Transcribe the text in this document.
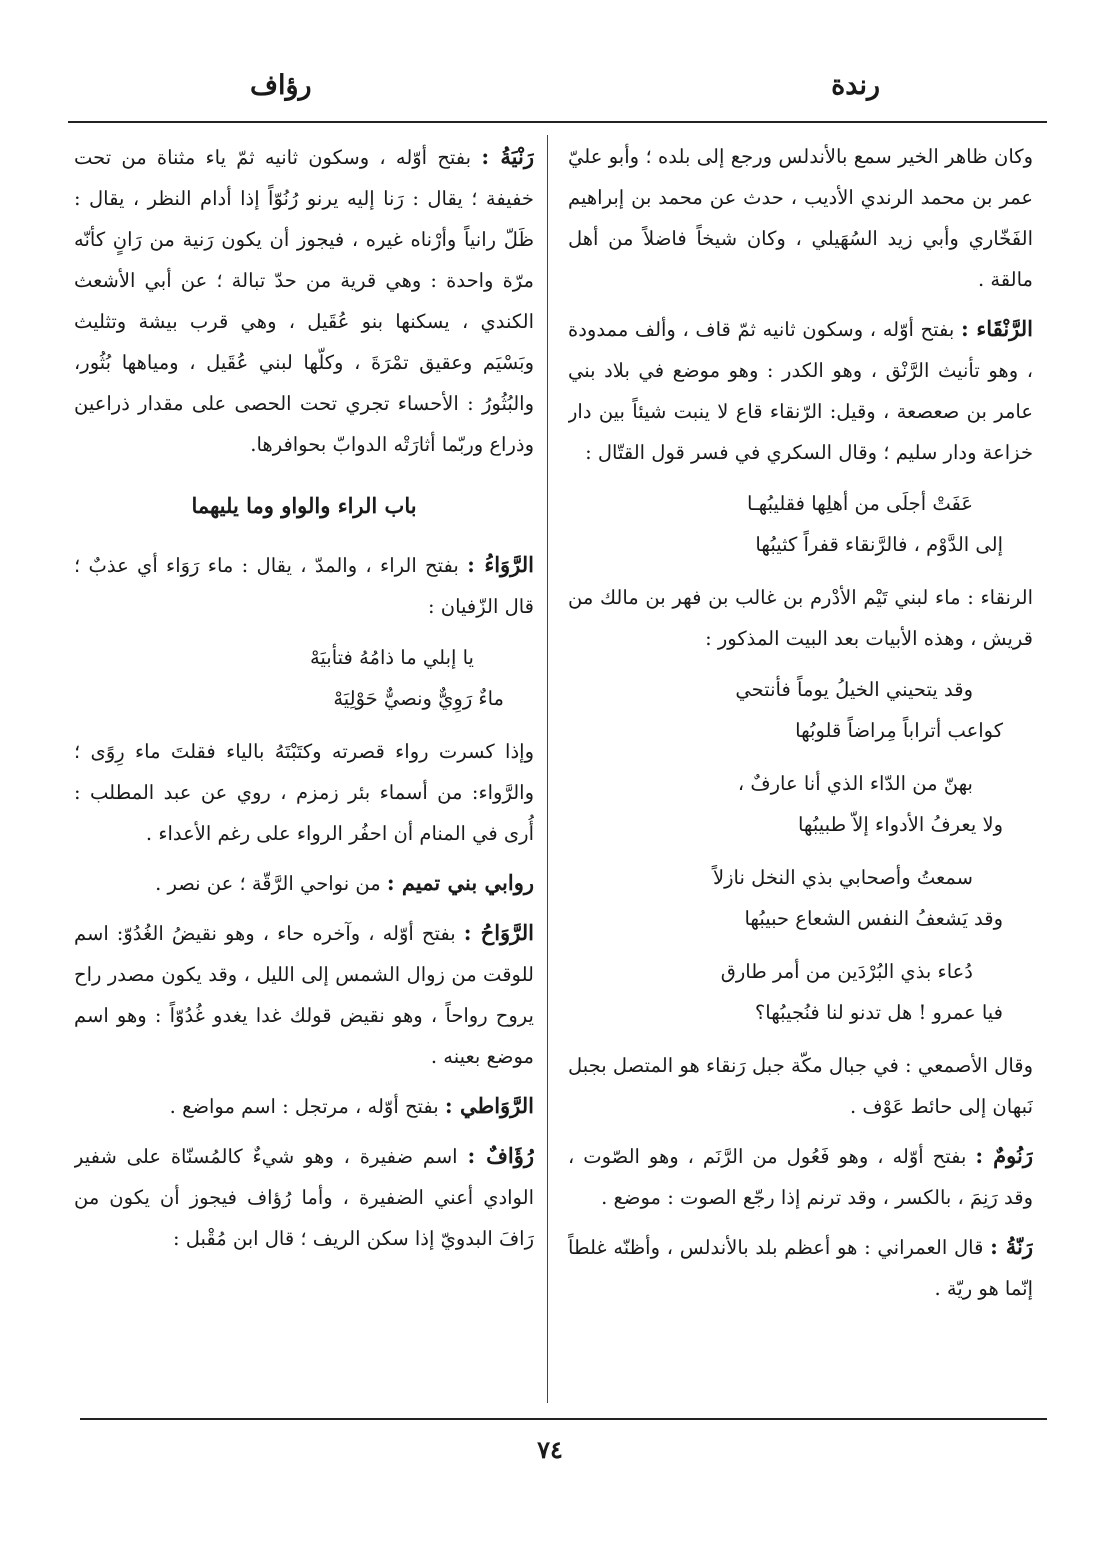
رندة
رؤاف

وكان ظاهر الخير سمع بالأندلس ورجع إلى بلده ؛ وأبو عليّ عمر بن محمد الرندي الأديب ، حدث عن محمد بن إبراهيم الفَخّاري وأبي زيد السُهَيلي ، وكان شيخاً فاضلاً من أهل مالقة .

الرَّنْقَاء : بفتح أوّله ، وسكون ثانيه ثمّ قاف ، وألف ممدودة ، وهو تأنيث الرَّنْق ، وهو الكدر : وهو موضع في بلاد بني عامر بن صعصعة ، وقيل: الرّنقاء قاع لا ينبت شيئاً بين دار خزاعة ودار سليم ؛ وقال السكري في فسر قول القتّال :

عَفَتْ أجلَى من أهلِها فقليبُهـا
إلى الدَّوْم ، فالرَّنقاء قفراً كثيبُها

الرنقاء : ماء لبني تَيْم الأدْرم بن غالب بن فهر بن مالك من قريش ، وهذه الأبيات بعد البيت المذكور :

وقد يتحيني الخيلُ يوماً فأنتحي
كواعب أتراباً مِراضاً قلوبُها
بهنّ من الدّاء الذي أنا عارفٌ ،
ولا يعرفُ الأدواء إلاّ طبيبُها
سمعتُ وأصحابي بذي النخل نازلاً
وقد يَشعفُ النفس الشعاع حبيبُها
دُعاء بذي البُرْدَين من أمر طارق
فيا عمرو ! هل تدنو لنا فنُجيبُها؟

وقال الأصمعي : في جبال مكّة جبل رَنقاء هو المتصل بجبل نَبهان إلى حائط عَوْف .

رَنُومٌ : بفتح أوّله ، وهو فَعُول من الرَّنَم ، وهو الصّوت ، وقد رَنِمَ ، بالكسر ، وقد ترنم إذا رجّع الصوت : موضع .

رَنّةُ : قال العمراني : هو أعظم بلد بالأندلس ، وأظنّه غلطاً إنّما هو ريّة .

رَنْيَةُ : بفتح أوّله ، وسكون ثانيه ثمّ ياء مثناة من تحت خفيفة ؛ يقال : رَنا إليه يرنو رُنُوّاً إذا أدام النظر ، يقال : ظَلّ رانياً وأرْناه غيره ، فيجوز أن يكون رَنية من رَانٍ كأنّه مرّة واحدة : وهي قرية من حدّ تبالة ؛ عن أبي الأشعث الكندي ، يسكنها بنو عُقَيل ، وهي قرب بيشة وتثليث وبَسْيَم وعقيق تمْرَةَ ، وكلّها لبني عُقَيل ، ومياهها بُثُور، والبُثُورُ : الأحساء تجري تحت الحصى على مقدار ذراعين وذراع وربّما أثارَتْه الدوابّ بحوافرها.

باب الراء والواو وما يليهما

الرَّوَاءُ : بفتح الراء ، والمدّ ، يقال : ماء رَوَاء أي عذبٌ ؛ قال الزّفيان :

يا إبلي ما ذامُهُ فتأبيَهْ
ماءٌ رَوِيٌّ ونصيٌّ حَوْلِيَهْ

وإذا كسرت رواء قصرته وكتَبْتَهُ بالياء فقلتَ ماء رِوًى ؛ والرَّواء: من أسماء بئر زمزم ، روي عن عبد المطلب : أُرى في المنام أن احفُر الرواء على رغم الأعداء .

روابي بني تميم : من نواحي الرَّقّة ؛ عن نصر .

الرَّوَاحُ : بفتح أوّله ، وآخره حاء ، وهو نقيضُ الغُدُوّ: اسم للوقت من زوال الشمس إلى الليل ، وقد يكون مصدر راح يروح رواحاً ، وهو نقيض قولك غدا يغدو غُدُوّاً : وهو اسم موضع بعينه .

الرَّوَاطي : بفتح أوّله ، مرتجل : اسم مواضع .

رُؤَافٌ : اسم ضفيرة ، وهو شيءٌ كالمُسنّاة على شفير الوادي أعني الضفيرة ، وأما رُؤاف فيجوز أن يكون من رَافَ البدويّ إذا سكن الريف ؛ قال ابن مُقْبل :

٧٤
